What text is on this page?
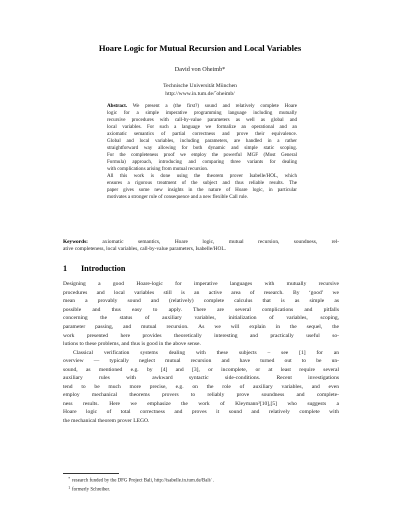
Hoare Logic for Mutual Recursion and Local Variables
David von Oheimb*
Technische Universität München
http://www.in.tum.de/˜oheimb/
Abstract. We present a (the first?) sound and relatively complete Hoare
logic for a simple imperative programming language including mutually
recursive procedures with call-by-value parameters as well as global and
local variables. For such a language we formalize an operational and an
axiomatic semantics of partial correctness and prove their equivalence.
Global and local variables, including parameters, are handled in a rather
straightforward way allowing for both dynamic and simple static scoping.
For the completeness proof we employ the powerful MGF (Most General
Formula) approach, introducing and comparing three variants for dealing
with complications arising from mutual recursion.
All this work is done using the theorem prover Isabelle/HOL, which
ensures a rigorous treatment of the subject and thus reliable results. The
paper gives some new insights in the nature of Hoare logic, in particular
motivates a stronger rule of consequence and a new flexible Call rule.
Keywords:	axiomatic semantics, Hoare logic, mutual recursion, soundness, rel-
ative completeness, local variables, call-by-value parameters, Isabelle/HOL.
1 Introduction
Designing a good Hoare-logic for imperative languages with mutually recursive
procedures and local variables still is an active area of research. By ‘good’ we
mean a provably sound and (relatively) complete calculus that is as simple as
possible and thus easy to apply. There are several complications and pitfalls
concerning the status of auxiliary variables, initialization of variables, scoping,
parameter passing, and mutual recursion. As we will explain in the sequel, the
work presented here provides theoretically interesting and practically useful so-
lutions to these problems, and thus is good in the above sense.
Classical verification systems dealing with these subjects – see [1] for an
overview — typically neglect mutual recursion and have turned out to be un-
sound, as mentioned e.g. by [4] and [3], or incomplete, or at least require several
auxiliary rules with awkward syntactic side-conditions. Recent investigations
tend to be much more precise, e.g. on the role of auxiliary variables, and even
employ mechanical theorems provers to reliably prove soundness and complete-
ness results. Here we emphasize the work of Kleymann²[10],[5] who suggests a
Hoare logic of total correctness and proves it sound and relatively complete with
the mechanical theorem prover LEGO.
* research funded by the DFG Project Bali, http://isabelle.in.tum.de/Bali/ .
1 formerly Schreiber.
